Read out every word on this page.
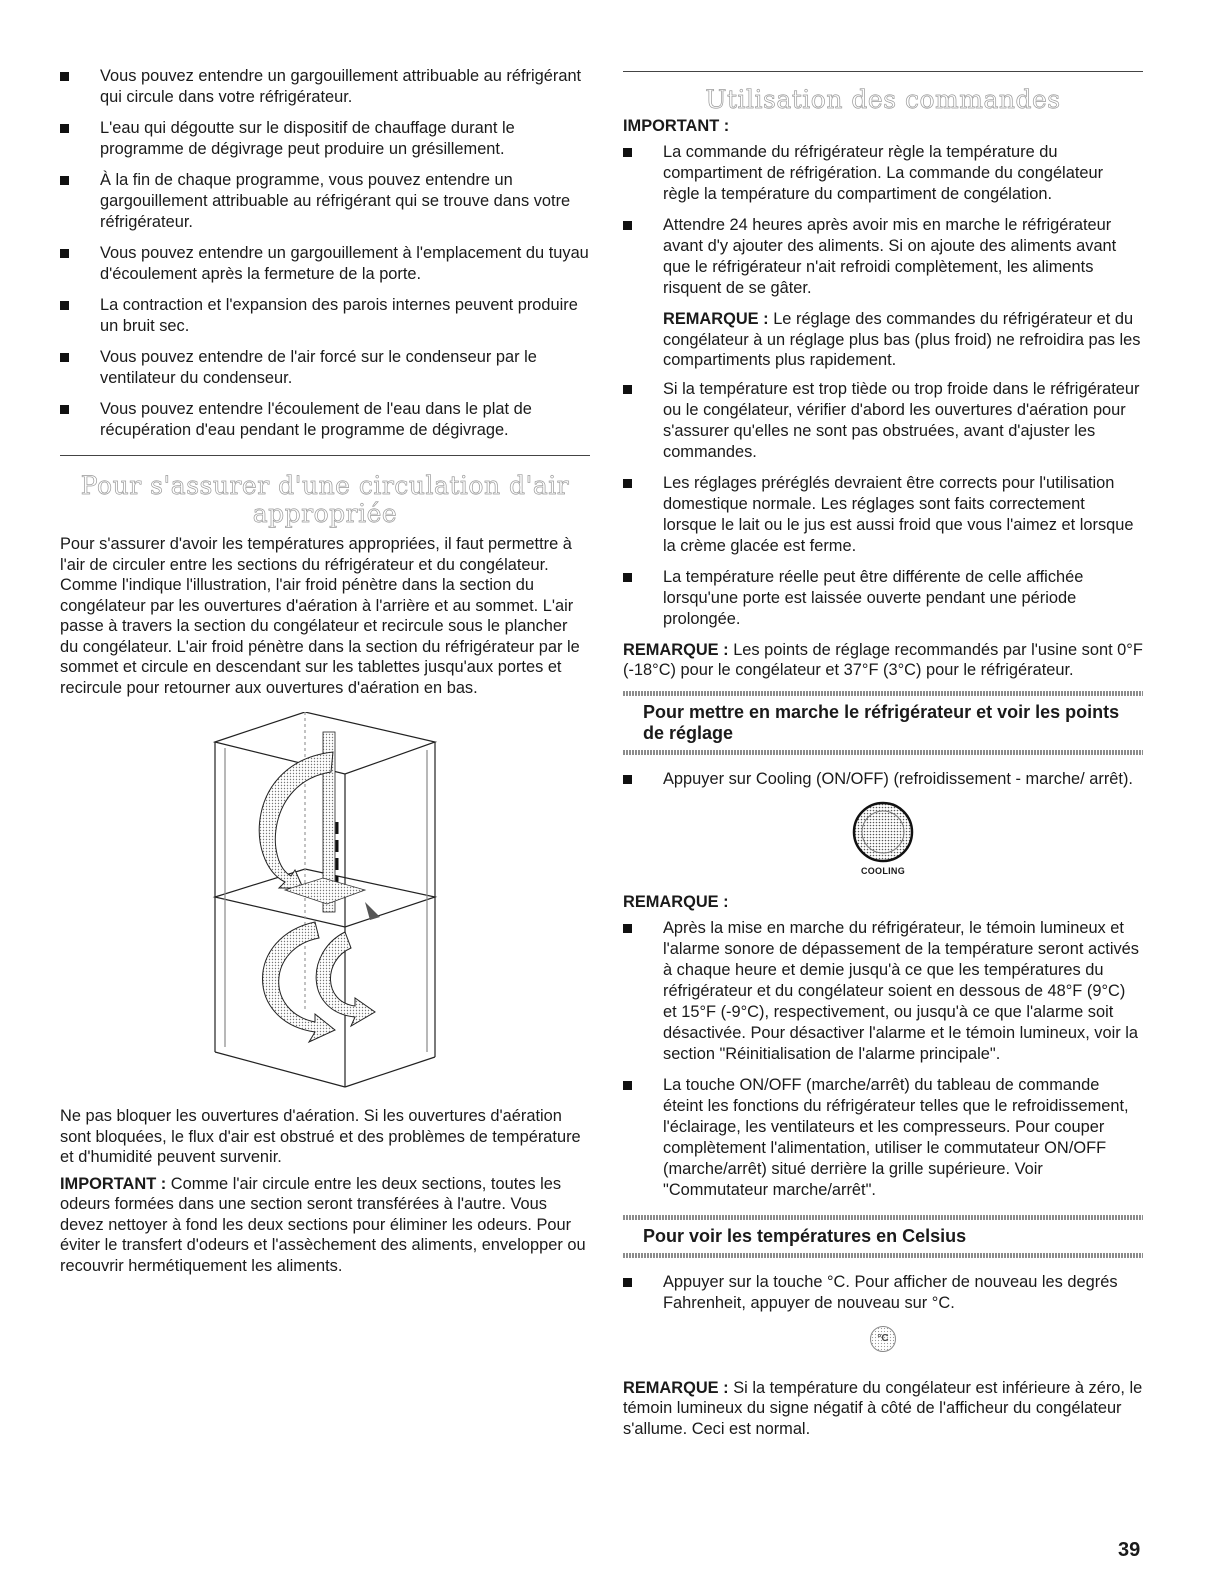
Vous pouvez entendre un gargouillement attribuable au réfrigérant qui circule dans votre réfrigérateur.
L'eau qui dégoutte sur le dispositif de chauffage durant le programme de dégivrage peut produire un grésillement.
À la fin de chaque programme, vous pouvez entendre un gargouillement attribuable au réfrigérant qui se trouve dans votre réfrigérateur.
Vous pouvez entendre un gargouillement à l'emplacement du tuyau d'écoulement après la fermeture de la porte.
La contraction et l'expansion des parois internes peuvent produire un bruit sec.
Vous pouvez entendre de l'air forcé sur le condenseur par le ventilateur du condenseur.
Vous pouvez entendre l'écoulement de l'eau dans le plat de récupération d'eau pendant le programme de dégivrage.
Pour s'assurer d'une circulation d'air appropriée

Pour s'assurer d'avoir les températures appropriées, il faut permettre à l'air de circuler entre les sections du réfrigérateur et du congélateur. Comme l'indique l'illustration, l'air froid pénètre dans la section du congélateur par les ouvertures d'aération à l'arrière et au sommet. L'air passe à travers la section du congélateur et recircule sous le plancher du congélateur. L'air froid pénètre dans la section du réfrigérateur par le sommet et circule en descendant sur les tablettes jusqu'aux portes et recircule pour retourner aux ouvertures d'aération en bas.

Ne pas bloquer les ouvertures d'aération. Si les ouvertures d'aération sont bloquées, le flux d'air est obstrué et des problèmes de température et d'humidité peuvent survenir.

IMPORTANT : Comme l'air circule entre les deux sections, toutes les odeurs formées dans une section seront transférées à l'autre. Vous devez nettoyer à fond les deux sections pour éliminer les odeurs. Pour éviter le transfert d'odeurs et l'assèchement des aliments, envelopper ou recouvrir hermétiquement les aliments.

Utilisation des commandes
IMPORTANT :
La commande du réfrigérateur règle la température du compartiment de réfrigération. La commande du congélateur règle la température du compartiment de congélation.
Attendre 24 heures après avoir mis en marche le réfrigérateur avant d'y ajouter des aliments. Si on ajoute des aliments avant que le réfrigérateur n'ait refroidi complètement, les aliments risquent de se gâter.

REMARQUE : Le réglage des commandes du réfrigérateur et du congélateur à un réglage plus bas (plus froid) ne refroidira pas les compartiments plus rapidement.

Si la température est trop tiède ou trop froide dans le réfrigérateur ou le congélateur, vérifier d'abord les ouvertures d'aération pour s'assurer qu'elles ne sont pas obstruées, avant d'ajuster les commandes.
Les réglages préréglés devraient être corrects pour l'utilisation domestique normale. Les réglages sont faits correctement lorsque le lait ou le jus est aussi froid que vous l'aimez et lorsque la crème glacée est ferme.
La température réelle peut être différente de celle affichée lorsqu'une porte est laissée ouverte pendant une période prolongée.

REMARQUE : Les points de réglage recommandés par l'usine sont 0°F (-18°C) pour le congélateur et 37°F (3°C) pour le réfrigérateur.

Pour mettre en marche le réfrigérateur et voir les points de réglage
Appuyer sur Cooling (ON/OFF) (refroidissement - marche/ arrêt).
COOLING
REMARQUE :
Après la mise en marche du réfrigérateur, le témoin lumineux et l'alarme sonore de dépassement de la température seront activés à chaque heure et demie jusqu'à ce que les températures du réfrigérateur et du congélateur soient en dessous de 48°F (9°C) et 15°F (-9°C), respectivement, ou jusqu'à ce que l'alarme soit désactivée. Pour désactiver l'alarme et le témoin lumineux, voir la section "Réinitialisation de l'alarme principale".
La touche ON/OFF (marche/arrêt) du tableau de commande éteint les fonctions du réfrigérateur telles que le refroidissement, l'éclairage, les ventilateurs et les compresseurs. Pour couper complètement l'alimentation, utiliser le commutateur ON/OFF (marche/arrêt) situé derrière la grille supérieure. Voir "Commutateur marche/arrêt".
Pour voir les températures en Celsius
Appuyer sur la touche °C. Pour afficher de nouveau les degrés Fahrenheit, appuyer de nouveau sur °C.
°C

REMARQUE : Si la température du congélateur est inférieure à zéro, le témoin lumineux du signe négatif à côté de l'afficheur du congélateur s'allume. Ceci est normal.

39
